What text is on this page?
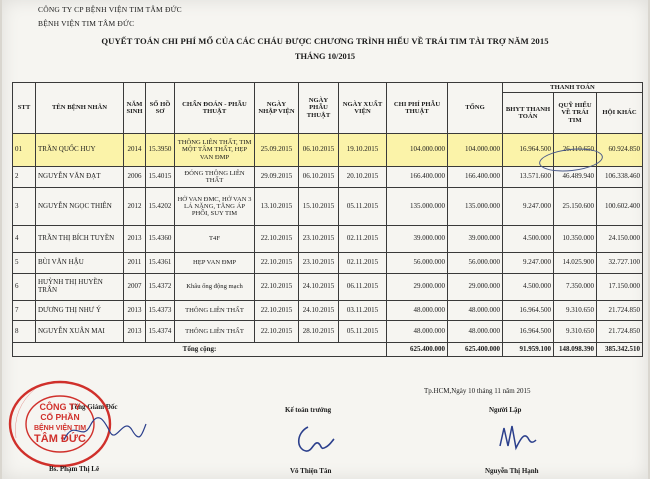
CÔNG TY CP BỆNH VIỆN TIM TÂM ĐỨC
BỆNH VIỆN TIM TÂM ĐỨC
QUYẾT TOÁN CHI PHÍ MỔ CỦA CÁC CHÁU ĐƯỢC CHƯƠNG TRÌNH HIẾU VỀ TRÁI TIM TÀI TRỢ NĂM 2015
THÁNG 10/2015
STT	TÊN BỆNH NHÂN	NĂM SINH	SỐ HỒ SƠ	CHẨN ĐOÁN - PHẪU THUẬT	NGÀY NHẬP VIỆN	NGÀY PHẪU THUẬT	NGÀY XUẤT VIỆN	CHI PHÍ PHẪU THUẬT	TỔNG	THANH TOÁN		
										BHYT THANH TOÁN	QUỸ HIẾU VỀ TRÁI TIM	HỘI KHÁC
01	TRẦN QUỐC HUY	2014	15.3950	THÔNG LIÊN THẤT, TIM MỘT TÂM THẤT, HẸP VAN ĐMP	25.09.2015	06.10.2015	19.10.2015	104.000.000	104.000.000	16.964.500	26.110.650	60.924.850
2	NGUYỄN VĂN ĐẠT	2006	15.4015	ĐÓNG THÔNG LIÊN THẤT	29.09.2015	06.10.2015	20.10.2015	166.400.000	166.400.000	13.571.600	46.489.940	106.338.460
3	NGUYỄN NGỌC THIÊN	2012	15.4202	HỞ VAN ĐMC, HỞ VAN 3 LÁ NẶNG, TĂNG ÁP PHỔI, SUY TIM	13.10.2015	15.10.2015	05.11.2015	135.000.000	135.000.000	9.247.000	25.150.600	100.602.400
4	TRẦN THỊ BÍCH TUYỀN	2013	15.4360	T4F	22.10.2015	23.10.2015	02.11.2015	39.000.000	39.000.000	4.500.000	10.350.000	24.150.000
5	BÙI VĂN HẬU	2011	15.4361	HẸP VAN ĐMP	22.10.2015	23.10.2015	02.11.2015	56.000.000	56.000.000	9.247.000	14.025.900	32.727.100
6	HUỲNH THỊ HUYỀN TRÂN	2007	15.4372	Khâu ống động mạch	22.10.2015	24.10.2015	06.11.2015	29.000.000	29.000.000	4.500.000	7.350.000	17.150.000
7	DƯƠNG THỊ NHƯ Ý	2013	15.4373	THÔNG LIÊN THẤT	22.10.2015	24.10.2015	03.11.2015	48.000.000	48.000.000	16.964.500	9.310.650	21.724.850
8	NGUYỄN XUÂN MAI	2013	15.4374	THÔNG LIÊN THẤT	22.10.2015	28.10.2015	05.11.2015	48.000.000	48.000.000	16.964.500	9.310.650	21.724.850
Tổng cộng:								625.400.000	625.400.000	91.959.100	148.098.390	385.342.510
Tp.HCM,Ngày 10 tháng 11 năm 2015
Tổng Giám Đốc	Kế toán trưởng	Người Lập
CÔNG TY
CỔ PHẦN
BỆNH VIỆN TIM
TÂM ĐỨC
Bs. Phạm Thị Lê	Võ Thiện Tân	Nguyễn Thị Hạnh
